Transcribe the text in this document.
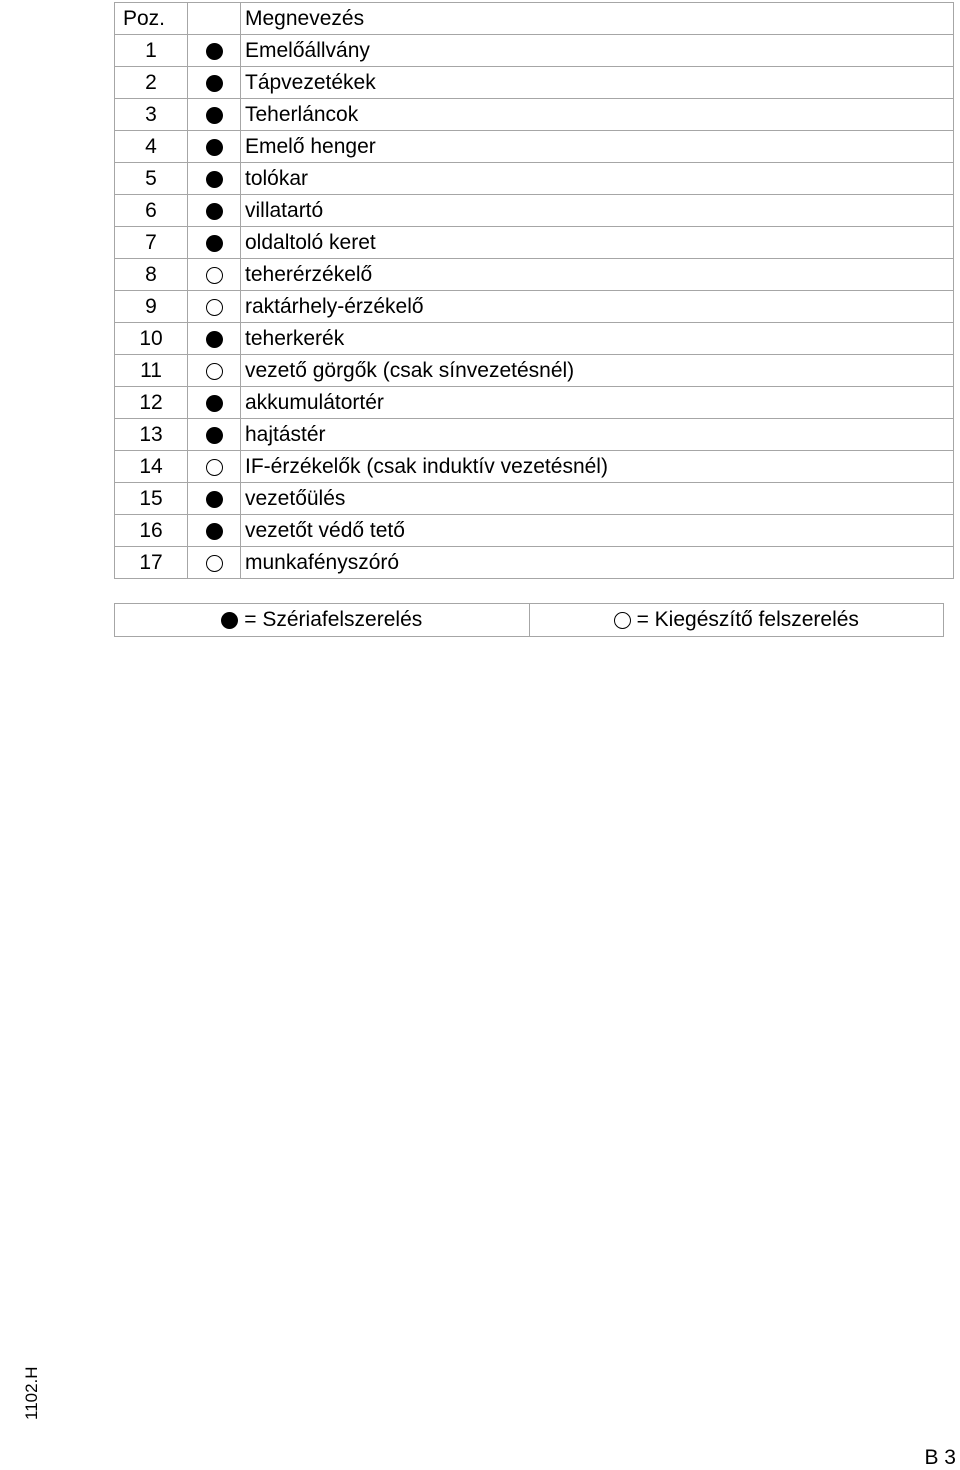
Poz.		Megnevezés
1		Emelőállvány
2		Tápvezetékek
3		Teherláncok
4		Emelő henger
5		tolókar
6		villatartó
7		oldaltoló keret
8		teherérzékelő
9		raktárhely-érzékelő
10		teherkerék
11		vezető görgők (csak sínvezetésnél)
12		akkumulátortér
13		hajtástér
14		IF-érzékelők (csak induktív vezetésnél)
15		vezetőülés
16		vezetőt védő tető
17		munkafényszóró
= Szériafelszerelés	= Kiegészítő felszerelés
1102.H
B 3
